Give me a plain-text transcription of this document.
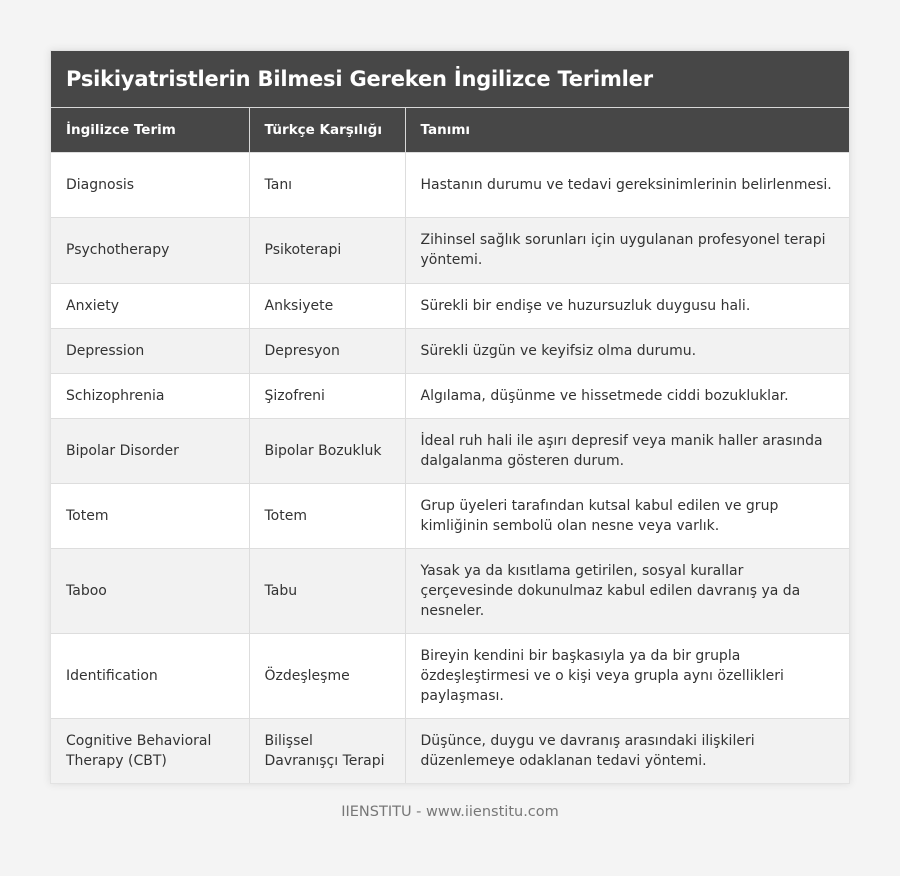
Psikiyatristlerin Bilmesi Gereken İngilizce Terimler
İngilizce Terim	Türkçe Karşılığı	Tanımı
Diagnosis	Tanı	Hastanın durumu ve tedavi gereksinimlerinin belirlenmesi.
Psychotherapy	Psikoterapi	Zihinsel sağlık sorunları için uygulanan profesyonel terapi yöntemi.
Anxiety	Anksiyete	Sürekli bir endişe ve huzursuzluk duygusu hali.
Depression	Depresyon	Sürekli üzgün ve keyifsiz olma durumu.
Schizophrenia	Şizofreni	Algılama, düşünme ve hissetmede ciddi bozukluklar.
Bipolar Disorder	Bipolar Bozukluk	İdeal ruh hali ile aşırı depresif veya manik haller arasında dalgalanma gösteren durum.
Totem	Totem	Grup üyeleri tarafından kutsal kabul edilen ve grup kimliğinin sembolü olan nesne veya varlık.
Taboo	Tabu	Yasak ya da kısıtlama getirilen, sosyal kurallar çerçevesinde dokunulmaz kabul edilen davranış ya da nesneler.
Identification	Özdeşleşme	Bireyin kendini bir başkasıyla ya da bir grupla özdeşleştirmesi ve o kişi veya grupla aynı özellikleri paylaşması.
Cognitive Behavioral Therapy (CBT)	Bilişsel Davranışçı Terapi	Düşünce, duygu ve davranış arasındaki ilişkileri düzenlemeye odaklanan tedavi yöntemi.
IIENSTITU - www.iienstitu.com
